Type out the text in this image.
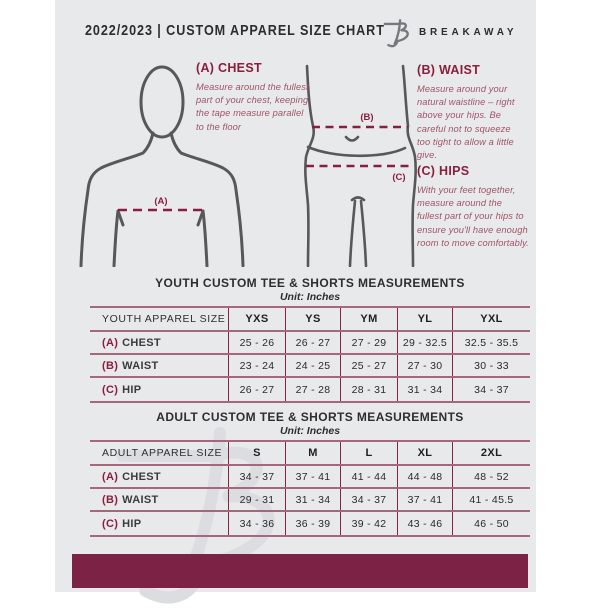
2022/2023 | CUSTOM APPAREL SIZE CHART	BREAKAWAY
(A)
(B)
(C)
(A) CHEST
Measure around the fullest part of your chest, keeping the tape measure parallel to the floor
(B) WAIST
Measure around your natural waistline – right above your hips. Be careful not to squeeze too tight to allow a little give.
(C) HIPS
With your feet together, measure around the fullest part of your hips to ensure you'll have enough room to move comfortably.
YOUTH CUSTOM TEE & SHORTS MEASUREMENTS
Unit: Inches
YOUTH APPAREL SIZE	YXS	YS	YM	YL	YXL
(A) CHEST	25 - 26	26 - 27	27 - 29	29 - 32.5	32.5 - 35.5
(B) WAIST	23 - 24	24 - 25	25 - 27	27 - 30	30 - 33
(C) HIP	26 - 27	27 - 28	28 - 31	31 - 34	34 - 37
ADULT CUSTOM TEE & SHORTS MEASUREMENTS
Unit: Inches
ADULT APPAREL SIZE	S	M	L	XL	2XL
(A) CHEST	34 - 37	37 - 41	41 - 44	44 - 48	48 - 52
(B) WAIST	29 - 31	31 - 34	34 - 37	37 - 41	41 - 45.5
(C) HIP	34 - 36	36 - 39	39 - 42	43 - 46	46 - 50
